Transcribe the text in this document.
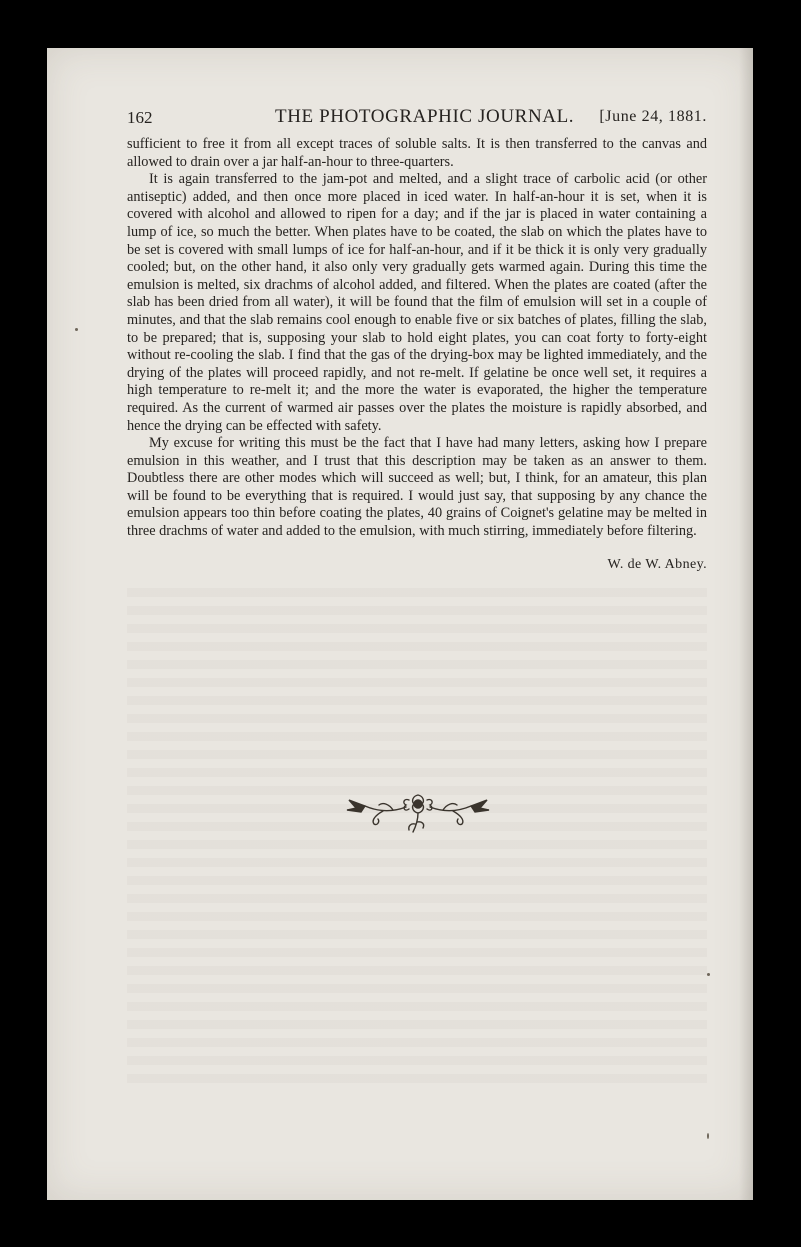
162	THE PHOTOGRAPHIC JOURNAL. [June 24, 1881.

sufficient to free it from all except traces of soluble salts. It is then transferred to the canvas and allowed to drain over a jar half-an-hour to three-quarters.

It is again transferred to the jam-pot and melted, and a slight trace of carbolic acid (or other antiseptic) added, and then once more placed in iced water. In half-an-hour it is set, when it is covered with alcohol and allowed to ripen for a day; and if the jar is placed in water containing a lump of ice, so much the better. When plates have to be coated, the slab on which the plates have to be set is covered with small lumps of ice for half-an-hour, and if it be thick it is only very gradually cooled; but, on the other hand, it also only very gradually gets warmed again. During this time the emulsion is melted, six drachms of alcohol added, and filtered. When the plates are coated (after the slab has been dried from all water), it will be found that the film of emulsion will set in a couple of minutes, and that the slab remains cool enough to enable five or six batches of plates, filling the slab, to be prepared; that is, supposing your slab to hold eight plates, you can coat forty to forty-eight without re-cooling the slab. I find that the gas of the drying-box may be lighted immediately, and the drying of the plates will proceed rapidly, and not re-melt. If gelatine be once well set, it requires a high temperature to re-melt it; and the more the water is evaporated, the higher the temperature required. As the current of warmed air passes over the plates the moisture is rapidly absorbed, and hence the drying can be effected with safety.

My excuse for writing this must be the fact that I have had many letters, asking how I prepare emulsion in this weather, and I trust that this description may be taken as an answer to them. Doubtless there are other modes which will succeed as well; but, I think, for an amateur, this plan will be found to be everything that is required. I would just say, that supposing by any chance the emulsion appears too thin before coating the plates, 40 grains of Coignet's gelatine may be melted in three drachms of water and added to the emulsion, with much stirring, immediately before filtering.

W. de W. Abney.
